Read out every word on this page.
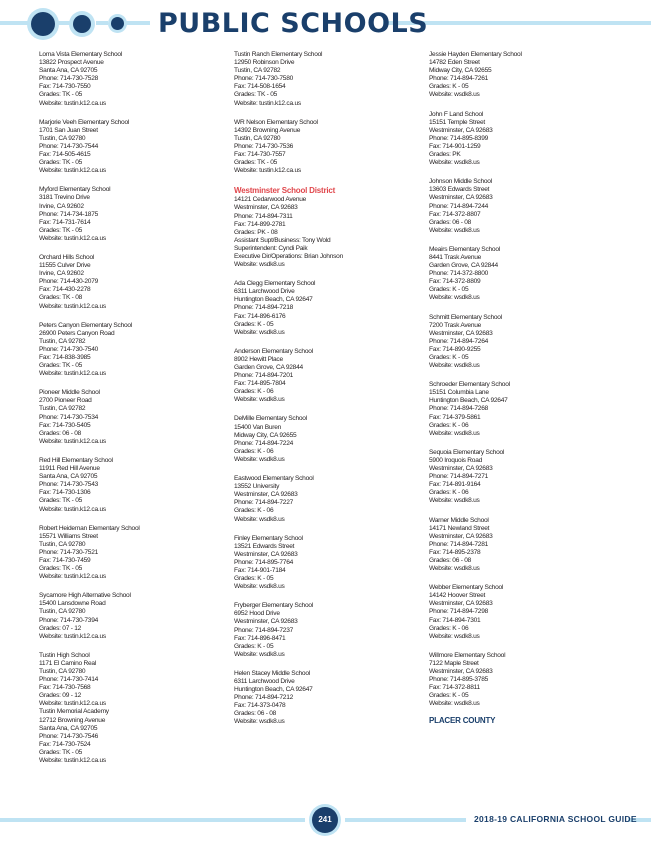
PUBLIC SCHOOLS
Loma Vista Elementary School
13822 Prospect Avenue
Santa Ana, CA 92705
Phone: 714-730-7528
Fax: 714-730-7550
Grades: TK - 05
Website: tustin.k12.ca.us
Marjorie Veeh Elementary School
1701 San Juan Street
Tustin, CA 92780
Phone: 714-730-7544
Fax: 714-505-4615
Grades: TK - 05
Website: tustin.k12.ca.us
Myford Elementary School
3181 Trevino Drive
Irvine, CA 92602
Phone: 714-734-1875
Fax: 714-731-7614
Grades: TK - 05
Website: tustin.k12.ca.us
Orchard Hills School
11555 Culver Drive
Irvine, CA 92602
Phone: 714-430-2079
Fax: 714-430-2278
Grades: TK - 08
Website: tustin.k12.ca.us
Peters Canyon Elementary School
26900 Peters Canyon Road
Tustin, CA 92782
Phone: 714-730-7540
Fax: 714-838-3985
Grades: TK - 05
Website: tustin.k12.ca.us
Pioneer Middle School
2700 Pioneer Road
Tustin, CA 92782
Phone: 714-730-7534
Fax: 714-730-5405
Grades: 06 - 08
Website: tustin.k12.ca.us
Red Hill Elementary School
11911 Red Hill Avenue
Santa Ana, CA 92705
Phone: 714-730-7543
Fax: 714-730-1306
Grades: TK - 05
Website: tustin.k12.ca.us
Robert Heideman Elementary School
15571 Williams Street
Tustin, CA 92780
Phone: 714-730-7521
Fax: 714-730-7459
Grades: TK - 05
Website: tustin.k12.ca.us
Sycamore High Alternative School
15400 Lansdowne Road
Tustin, CA 92780
Phone: 714-730-7394
Grades: 07 - 12
Website: tustin.k12.ca.us
Tustin High School
1171 El Camino Real
Tustin, CA 92780
Phone: 714-730-7414
Fax: 714-730-7568
Grades: 09 - 12
Website: tustin.k12.ca.us
Tustin Memorial Academy
12712 Browning Avenue
Santa Ana, CA 92705
Phone: 714-730-7546
Fax: 714-730-7524
Grades: TK - 05
Website: tustin.k12.ca.us
Tustin Ranch Elementary School
12950 Robinson Drive
Tustin, CA 92782
Phone: 714-730-7580
Fax: 714-508-1654
Grades: TK - 05
Website: tustin.k12.ca.us
WR Nelson Elementary School
14392 Browning Avenue
Tustin, CA 92780
Phone: 714-730-7536
Fax: 714-730-7557
Grades: TK - 05
Website: tustin.k12.ca.us
Westminster School District
14121 Cedarwood Avenue
Westminster, CA 92683
Phone: 714-894-7311
Fax: 714-899-2781
Grades: PK - 08
Assistant Supt/Business: Tony Wold
Superintendent: Cyndi Paik
Executive Dir/Operations: Brian Johnson
Website: wsdk8.us
Ada Clegg Elementary School
6311 Larchwood Drive
Huntington Beach, CA 92647
Phone: 714-894-7218
Fax: 714-896-6176
Grades: K - 05
Website: wsdk8.us
Anderson Elementary School
8902 Hewitt Place
Garden Grove, CA 92844
Phone: 714-894-7201
Fax: 714-895-7804
Grades: K - 06
Website: wsdk8.us
DeMille Elementary School
15400 Van Buren
Midway City, CA 92655
Phone: 714-894-7224
Grades: K - 06
Website: wsdk8.us
Eastwood Elementary School
13552 University
Westminster, CA 92683
Phone: 714-894-7227
Grades: K - 06
Website: wsdk8.us
Finley Elementary School
13521 Edwards Street
Westminster, CA 92683
Phone: 714-895-7764
Fax: 714-901-7184
Grades: K - 05
Website: wsdk8.us
Fryberger Elementary School
6952 Hood Drive
Westminster, CA 92683
Phone: 714-894-7237
Fax: 714-896-8471
Grades: K - 05
Website: wsdk8.us
Helen Stacey Middle School
6311 Larchwood Drive
Huntington Beach, CA 92647
Phone: 714-894-7212
Fax: 714-373-0478
Grades: 06 - 08
Website: wsdk8.us
Jessie Hayden Elementary School
14782 Eden Street
Midway City, CA 92655
Phone: 714-894-7261
Grades: K - 05
Website: wsdk8.us
John F Land School
15151 Temple Street
Westminster, CA 92683
Phone: 714-895-8399
Fax: 714-901-1259
Grades: PK
Website: wsdk8.us
Johnson Middle School
13603 Edwards Street
Westminster, CA 92683
Phone: 714-894-7244
Fax: 714-372-8807
Grades: 06 - 08
Website: wsdk8.us
Meairs Elementary School
8441 Trask Avenue
Garden Grove, CA 92844
Phone: 714-372-8800
Fax: 714-372-8809
Grades: K - 05
Website: wsdk8.us
Schmitt Elementary School
7200 Trask Avenue
Westminster, CA 92683
Phone: 714-894-7264
Fax: 714-890-9255
Grades: K - 05
Website: wsdk8.us
Schroeder Elementary School
15151 Columbia Lane
Huntington Beach, CA 92647
Phone: 714-894-7268
Fax: 714-379-5861
Grades: K - 06
Website: wsdk8.us
Sequoia Elementary School
5900 Iroquois Road
Westminster, CA 92683
Phone: 714-894-7271
Fax: 714-891-9164
Grades: K - 06
Website: wsdk8.us
Warner Middle School
14171 Newland Street
Westminster, CA 92683
Phone: 714-894-7281
Fax: 714-895-2378
Grades: 06 - 08
Website: wsdk8.us
Webber Elementary School
14142 Hoover Street
Westminster, CA 92683
Phone: 714-894-7298
Fax: 714-894-7301
Grades: K - 06
Website: wsdk8.us
Willmore Elementary School
7122 Maple Street
Westminster, CA 92683
Phone: 714-895-3785
Fax: 714-372-8811
Grades: K - 05
Website: wsdk8.us
PLACER COUNTY
241	2018-19 CALIFORNIA SCHOOL GUIDE
